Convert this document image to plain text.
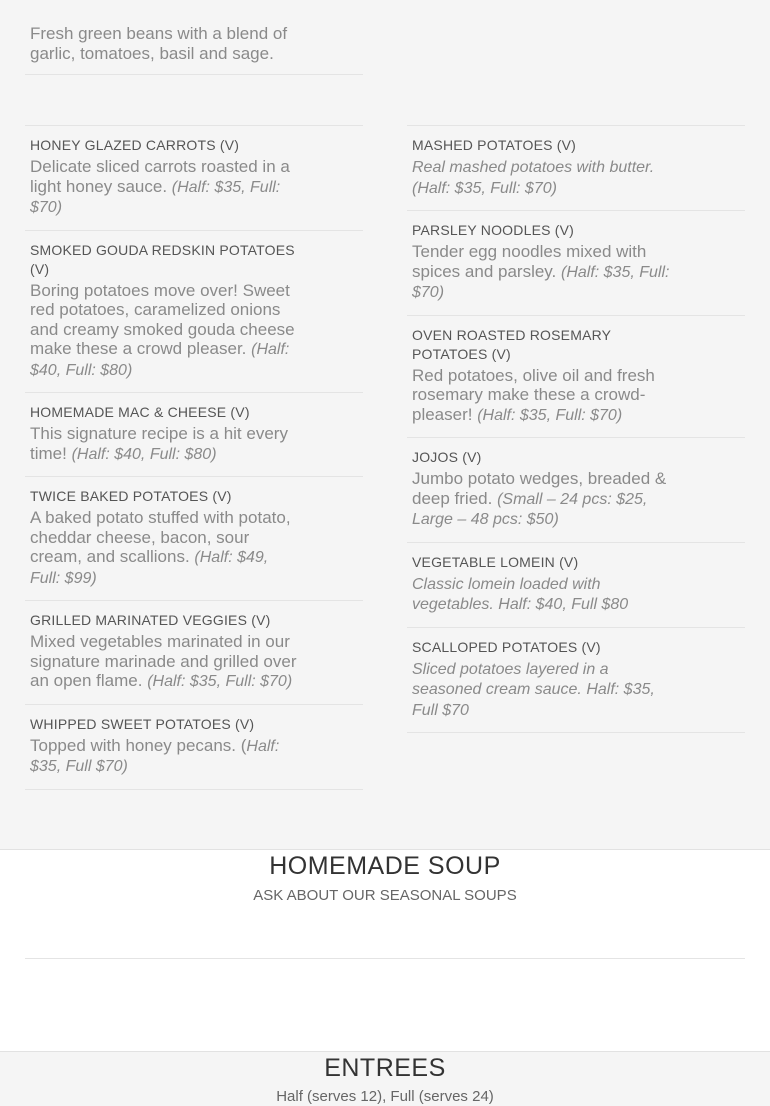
Fresh green beans with a blend of garlic, tomatoes, basil and sage.
HONEY GLAZED CARROTS (V)
Delicate sliced carrots roasted in a light honey sauce. (Half: $35, Full: $70)
SMOKED GOUDA REDSKIN POTATOES (V)
Boring potatoes move over! Sweet red potatoes, caramelized onions and creamy smoked gouda cheese make these a crowd pleaser. (Half: $40, Full: $80)
HOMEMADE MAC & CHEESE (V)
This signature recipe is a hit every time! (Half: $40, Full: $80)
TWICE BAKED POTATOES (V)
A baked potato stuffed with potato, cheddar cheese, bacon, sour cream, and scallions. (Half: $49, Full: $99)
GRILLED MARINATED VEGGIES (V)
Mixed vegetables marinated in our signature marinade and grilled over an open flame. (Half: $35, Full: $70)
WHIPPED SWEET POTATOES (V)
Topped with honey pecans. (Half: $35, Full $70)
MASHED POTATOES (V)
Real mashed potatoes with butter. (Half: $35, Full: $70)
PARSLEY NOODLES (V)
Tender egg noodles mixed with spices and parsley. (Half: $35, Full: $70)
OVEN ROASTED ROSEMARY POTATOES (V)
Red potatoes, olive oil and fresh rosemary make these a crowd-pleaser! (Half: $35, Full: $70)
JOJOS (V)
Jumbo potato wedges, breaded & deep fried. (Small – 24 pcs: $25, Large – 48 pcs: $50)
VEGETABLE LOMEIN (V)
Classic lomein loaded with vegetables. Half: $40, Full $80
SCALLOPED POTATOES (V)
Sliced potatoes layered in a seasoned cream sauce. Half: $35, Full $70
HOMEMADE SOUP
ASK ABOUT OUR SEASONAL SOUPS
ENTREES
Half (serves 12), Full (serves 24)
